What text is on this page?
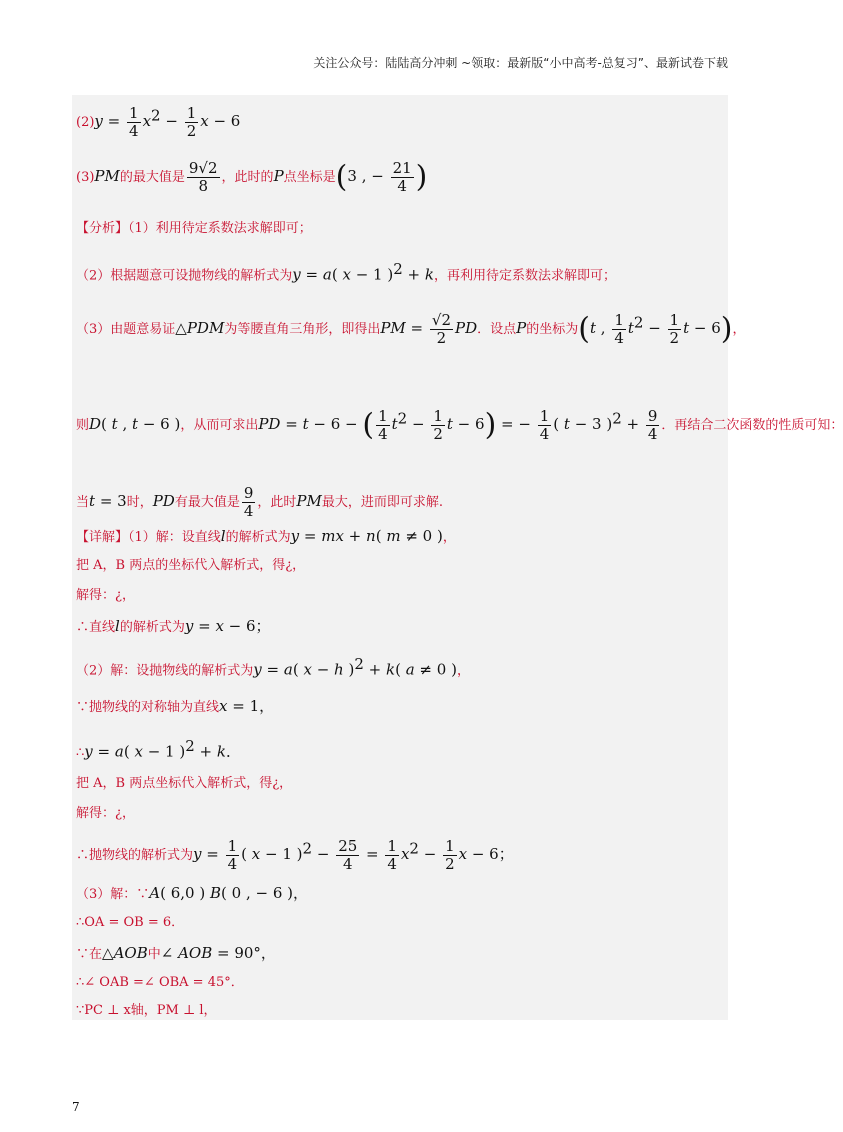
关注公众号：陆陆高分冲刺 ~领取：最新版“小中高考-总复习”、最新试卷下载
$(2)y = \frac{1}{4} x^2 - \frac{1}{2}$ x − 6
(3)PM的最大值是 $\frac{9√2}{8}$ ，此时的P点坐标是(3 , − $\frac{21}{4}$ )
【分析】（1）利用待定系数法求解即可；
（2）根据题意可设抛物线的解析式为y = a( x − 1 )$^2$ + k，再利用待定系数法求解即可；
（3）由题意易证△PDM为等腰直角三角形，即得出PM = $\frac{√2}{2}$ PD．设点P的坐标为(t , $\frac{1}{4} t^2 - \frac{1}{2}$ t − 6)，
则D( t , t − 6 )，从而可求出PD = t − 6 − ( $\frac{1}{4} t^2 - \frac{1}{2}$ t − 6) = − $\frac{1}{4}$ ( t − 3 )$^2 + \frac{9}{4}$ ．再结合二次函数的性质可知：
当t = 3时，PD有最大值是 $\frac{9}{4}$ ，此时PM最大，进而即可求解.
【详解】（1）解：设直线l的解析式为y = mx + n( m ≠ 0 )，
把 A，B 两点的坐标代入解析式，得¿，
解得：¿，
∴直线l的解析式为y = x − 6；
（2）解：设抛物线的解析式为y = a( x − h )$^2$ + k( a ≠ 0 )，
∵抛物线的对称轴为直线x = 1，
∴y = a( x − 1 )$^2$ + k．
把 A，B 两点坐标代入解析式，得¿，
解得：¿，
∴抛物线的解析式为$y = \frac{1}{4}$ ( x − 1 )$^2 - \frac{25}{4} = \frac{1}{4} x^2 - \frac{1}{2}$ x − 6；
（3）解：∵A( 6,0 ) B( 0 , − 6 )，
∴OA = OB = 6．
∵在△AOB中∠ AOB = 90°，
∴∠ OAB =∠ OBA = 45°．
∵PC ⊥ x轴，PM ⊥ l，
7
